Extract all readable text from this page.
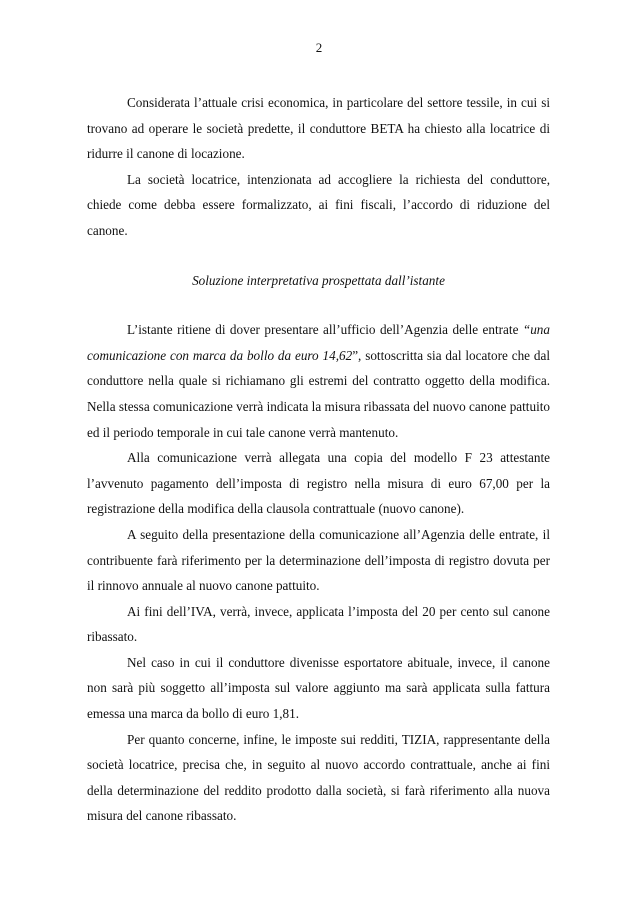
2

Considerata l’attuale crisi economica, in particolare del settore tessile, in cui si trovano ad operare le società predette, il conduttore BETA ha chiesto alla locatrice di ridurre il canone di locazione.

La società locatrice, intenzionata ad accogliere la richiesta del conduttore, chiede come debba essere formalizzato, ai fini fiscali, l’accordo di riduzione del canone.

Soluzione interpretativa prospettata dall’istante

L’istante ritiene di dover presentare all’ufficio dell’Agenzia delle entrate “una comunicazione con marca da bollo da euro 14,62”, sottoscritta sia dal locatore che dal conduttore nella quale si richiamano gli estremi del contratto oggetto della modifica. Nella stessa comunicazione verrà indicata la misura ribassata del nuovo canone pattuito ed il periodo temporale in cui tale canone verrà mantenuto.

Alla comunicazione verrà allegata una copia del modello F 23 attestante l’avvenuto pagamento dell’imposta di registro nella misura di euro 67,00 per la registrazione della modifica della clausola contrattuale (nuovo canone).

A seguito della presentazione della comunicazione all’Agenzia delle entrate, il contribuente farà riferimento per la determinazione dell’imposta di registro dovuta per il rinnovo annuale al nuovo canone pattuito.

Ai fini dell’IVA, verrà, invece, applicata l’imposta del 20 per cento sul canone ribassato.

Nel caso in cui il conduttore divenisse esportatore abituale, invece, il canone non sarà più soggetto all’imposta sul valore aggiunto ma sarà applicata sulla fattura emessa una marca da bollo di euro 1,81.

Per quanto concerne, infine, le imposte sui redditi, TIZIA, rappresentante della società locatrice, precisa che, in seguito al nuovo accordo contrattuale, anche ai fini della determinazione del reddito prodotto dalla società, si farà riferimento alla nuova misura del canone ribassato.
